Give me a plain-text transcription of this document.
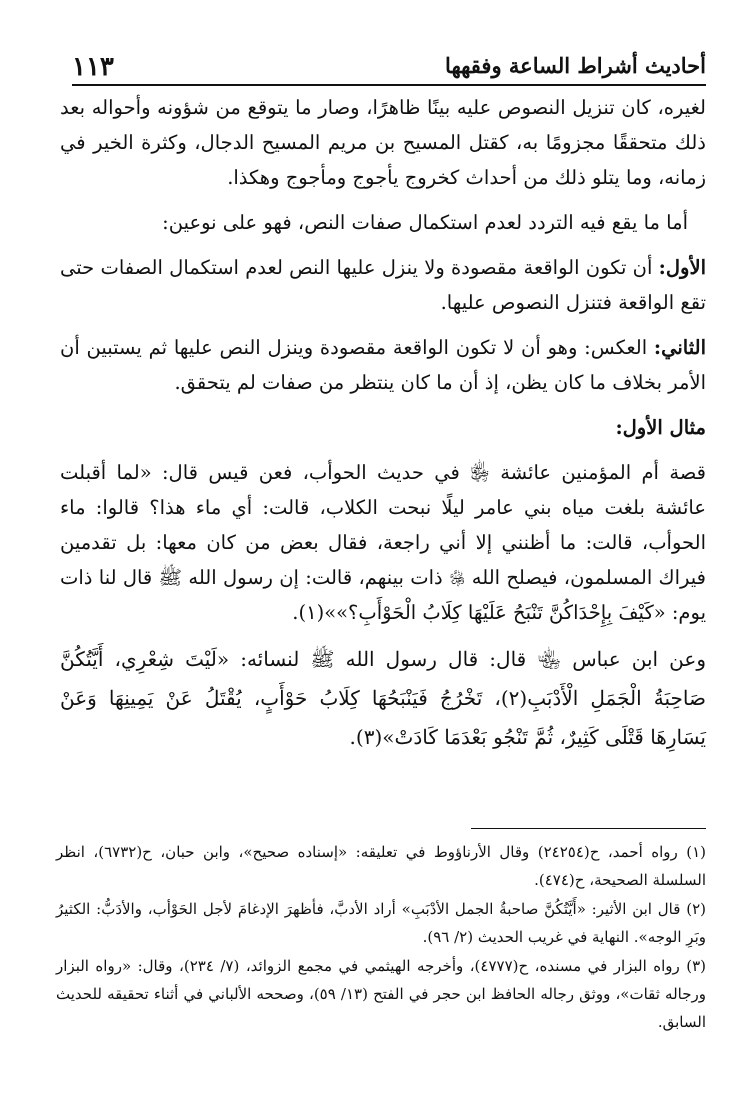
أحاديث أشراط الساعة وفقهها
١١٣

لغيره، كان تنزيل النصوص عليه بينًا ظاهرًا، وصار ما يتوقع من شؤونه وأحواله بعد ذلك متحققًا مجزومًا به، كقتل المسيح بن مريم المسيح الدجال، وكثرة الخير في زمانه، وما يتلو ذلك من أحداث كخروج يأجوج ومأجوج وهكذا.

أما ما يقع فيه التردد لعدم استكمال صفات النص، فهو على نوعين:

الأول: أن تكون الواقعة مقصودة ولا ينزل عليها النص لعدم استكمال الصفات حتى تقع الواقعة فتنزل النصوص عليها.

الثاني: العكس: وهو أن لا تكون الواقعة مقصودة وينزل النص عليها ثم يستبين أن الأمر بخلاف ما كان يظن، إذ أن ما كان ينتظر من صفات لم يتحقق.

مثال الأول:

قصة أم المؤمنين عائشة ﵂ في حديث الحوأب، فعن قيس قال: «لما أقبلت عائشة بلغت مياه بني عامر ليلًا نبحت الكلاب، قالت: أي ماء هذا؟ قالوا: ماء الحوأب، قالت: ما أظنني إلا أني راجعة، فقال بعض من كان معها: بل تقدمين فيراك المسلمون، فيصلح الله ﷿ ذات بينهم، قالت: إن رسول الله ﷺ قال لنا ذات يوم: «كَيْفَ بِإِحْدَاكُنَّ تَنْبَحُ عَلَيْهَا كِلَابُ الْحَوْأَبِ؟»»(١).

وعن ابن عباس ﵄ قال: قال رسول الله ﷺ لنسائه: «لَيْتَ شِعْرِي، أَيَّتُكُنَّ صَاحِبَةُ الْجَمَلِ الْأَدْبَبِ(٢)، تَخْرُجُ فَيَنْبَحُهَا كِلَابُ حَوْأَبٍ، يُقْتَلُ عَنْ يَمِينِهَا وَعَنْ يَسَارِهَا قَتْلَى كَثِيرٌ، ثُمَّ تَنْجُو بَعْدَمَا كَادَتْ»(٣).

(١) رواه أحمد، ح(٢٤٢٥٤) وقال الأرناؤوط في تعليقه: «إسناده صحيح»، وابن حبان، ح(٦٧٣٢)، انظر السلسلة الصحيحة، ح(٤٧٤).

(٢) قال ابن الأثير: «أَيَّتُكُنَّ صاحبةُ الجمل الأدْبَبِ» أراد الأدبَّ، فأظهرَ الإدغامَ لأجل الحَوْأب، والأدَبُّ: الكثيرُ وبَرِ الوجه». النهاية في غريب الحديث (٢/ ٩٦).

(٣) رواه البزار في مسنده، ح(٤٧٧٧)، وأخرجه الهيثمي في مجمع الزوائد، (٧/ ٢٣٤)، وقال: «رواه البزار ورجاله ثقات»، ووثق رجاله الحافظ ابن حجر في الفتح (١٣/ ٥٩)، وصححه الألباني في أثناء تحقيقه للحديث السابق.
